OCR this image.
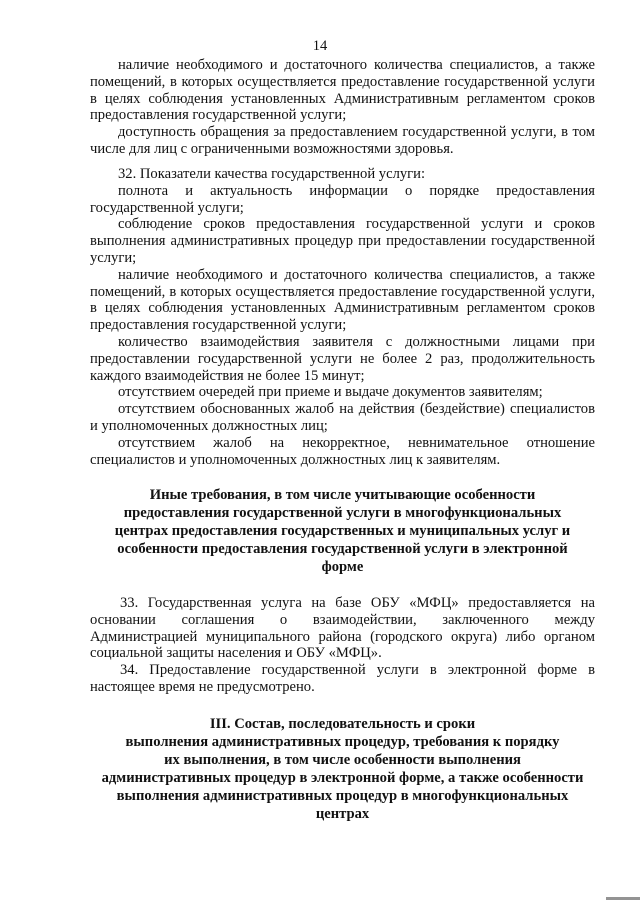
14

наличие необходимого и достаточного количества специалистов, а также помещений, в которых осуществляется предоставление государственной услуги в целях соблюдения установленных Административным регламентом сроков предоставления государственной услуги;

доступность обращения за предоставлением государственной услуги, в том числе для лиц с ограниченными возможностями здоровья.

32. Показатели качества государственной услуги:

полнота и актуальность информации о порядке предоставления государственной услуги;

соблюдение сроков предоставления государственной услуги и сроков выполнения административных процедур при предоставлении государственной услуги;

наличие необходимого и достаточного количества специалистов, а также помещений, в которых осуществляется предоставление государственной услуги, в целях соблюдения установленных Административным регламентом сроков предоставления государственной услуги;

количество взаимодействия заявителя с должностными лицами при предоставлении государственной услуги не более 2 раз, продолжительность каждого взаимодействия не более 15 минут;

отсутствием очередей при приеме и выдаче документов заявителям;

отсутствием обоснованных жалоб на действия (бездействие) специалистов и уполномоченных должностных лиц;

отсутствием жалоб на некорректное, невнимательное отношение специалистов и уполномоченных должностных лиц к заявителям.

Иные требования, в том числе учитывающие особенности
предоставления государственной услуги в многофункциональных
центрах предоставления государственных и муниципальных услуг и
особенности предоставления государственной услуги в электронной
форме

33. Государственная услуга на базе ОБУ «МФЦ» предоставляется на основании соглашения о взаимодействии, заключенного между Администрацией муниципального района (городского округа) либо органом социальной защиты населения и ОБУ «МФЦ».

34. Предоставление государственной услуги в электронной форме в настоящее время не предусмотрено.

III. Состав, последовательность и сроки
выполнения административных процедур, требования к порядку
их выполнения, в том числе особенности выполнения
административных процедур в электронной форме, а также особенности
выполнения административных процедур в многофункциональных
центрах
